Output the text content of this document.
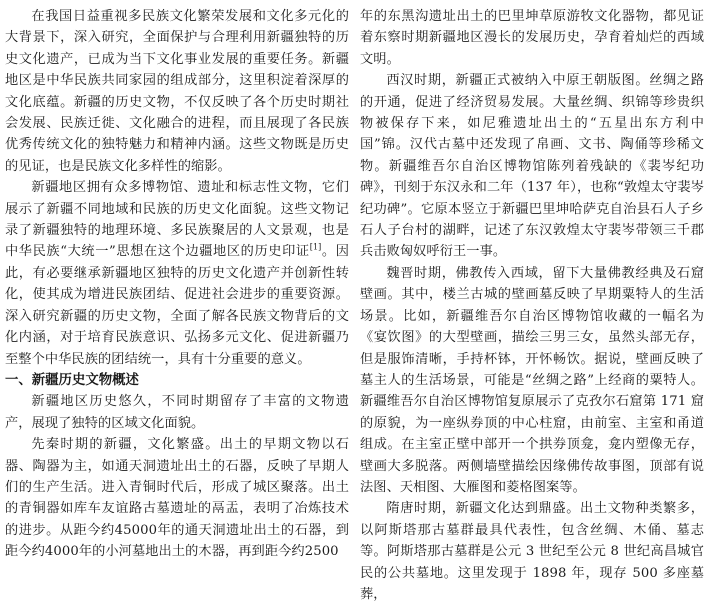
在我国日益重视多民族文化繁荣发展和文化多元化的大背景下，深入研究，全面保护与合理利用新疆独特的历史文化遗产，已成为当下文化事业发展的重要任务。新疆地区是中华民族共同家园的组成部分，这里积淀着深厚的文化底蕴。新疆的历史文物，不仅反映了各个历史时期社会发展、民族迁徙、文化融合的进程，而且展现了各民族优秀传统文化的独特魅力和精神内涵。这些文物既是历史的见证，也是民族文化多样性的缩影。

新疆地区拥有众多博物馆、遗址和标志性文物，它们展示了新疆不同地域和民族的历史文化面貌。这些文物记录了新疆独特的地理环境、多民族聚居的人文景观，也是中华民族“大统一”思想在这个边疆地区的历史印证[1]。因此，有必要继承新疆地区独特的历史文化遗产并创新性转化，使其成为增进民族团结、促进社会进步的重要资源。深入研究新疆的历史文物，全面了解各民族文物背后的文化内涵，对于培育民族意识、弘扬多元文化、促进新疆乃至整个中华民族的团结统一，具有十分重要的意义。

一、新疆历史文物概述

新疆地区历史悠久，不同时期留存了丰富的文物遗产，展现了独特的区域文化面貌。

先秦时期的新疆，文化繁盛。出土的早期文物以石器、陶器为主，如通天洞遗址出土的石器，反映了早期人们的生产生活。进入青铜时代后，形成了城区聚落。出土的青铜器如库车友谊路古墓遗址的鬲盂，表明了冶炼技术的进步。从距今约45000年的通天洞遗址出土的石器，到距今约4000年的小河墓地出土的木器，再到距今约2500

年的东黑沟遗址出土的巴里坤草原游牧文化器物，都见证着东察时期新疆地区漫长的发展历史，孕育着灿烂的西域文明。

西汉时期，新疆正式被纳入中原王朝版图。丝绸之路的开通，促进了经济贸易发展。大量丝绸、织锦等珍贵织物被保存下来，如尼雅遗址出土的“五星出东方利中国”锦。汉代古墓中还发现了帛画、文书、陶俑等珍稀文物。新疆维吾尔自治区博物馆陈列着残缺的《裴岑纪功碑》，刊刻于东汉永和二年（137 年），也称“敦煌太守裴岑纪功碑”。它原本竖立于新疆巴里坤哈萨克自治县石人子乡石人子台村的湖畔，记述了东汉敦煌太守裴岑带领三千郡兵击败匈奴呼衍王一事。

魏晋时期，佛教传入西域，留下大量佛教经典及石窟壁画。其中，楼兰古城的壁画墓反映了早期粟特人的生活场景。比如，新疆维吾尔自治区博物馆收藏的一幅名为《宴饮图》的大型壁画，描绘三男三女，虽然头部无存，但是服饰清晰，手持杯钵，开怀畅饮。据说，壁画反映了墓主人的生活场景，可能是“丝绸之路”上经商的粟特人。新疆维吾尔自治区博物馆复原展示了克孜尔石窟第 171 窟的原貌，为一座纵券顶的中心柱窟，由前室、主室和甬道组成。在主室正壁中部开一个拱券顶龛，龛内塑像无存，壁画大多脱落。两侧墙壁描绘因缘佛传故事图，顶部有说法图、天相图、大雁图和菱格图案等。

隋唐时期，新疆文化达到鼎盛。出土文物种类繁多，以阿斯塔那古墓群最具代表性，包含丝绸、木俑、墓志等。阿斯塔那古墓群是公元 3 世纪至公元 8 世纪高昌城官民的公共墓地。这里发现于 1898 年，现存 500 多座墓葬，
